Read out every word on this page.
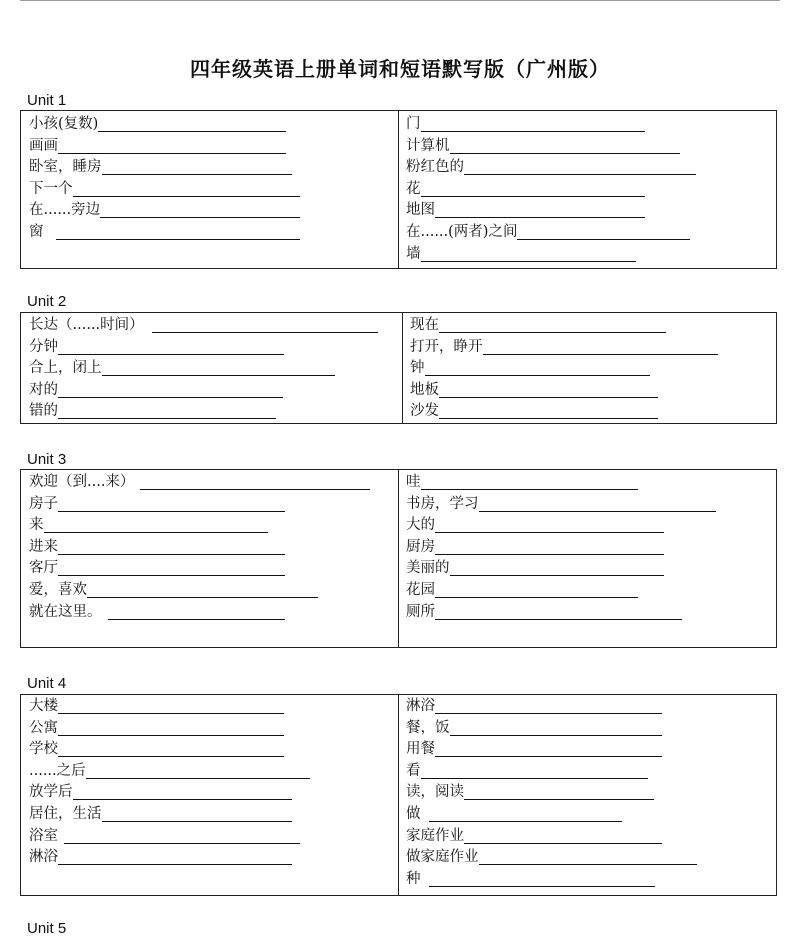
四年级英语上册单词和短语默写版（广州版）
Unit 1
小孩(复数)
画画
卧室，睡房
下一个
在......旁边
窗
门
计算机
粉红色的
花
地图
在......(两者)之间
墙
Unit 2
长达（......时间）
分钟
合上，闭上
对的
错的
现在
打开，睁开
钟
地板
沙发
Unit 3
欢迎（到....来）
房子
来
进来
客厅
爱，喜欢
就在这里。
哇
书房，学习
大的
厨房
美丽的
花园
厕所
Unit 4
大楼
公寓
学校
......之后
放学后
居住，生活
浴室
淋浴
淋浴
餐，饭
用餐
看
读，阅读
做
家庭作业
做家庭作业
种
Unit 5
